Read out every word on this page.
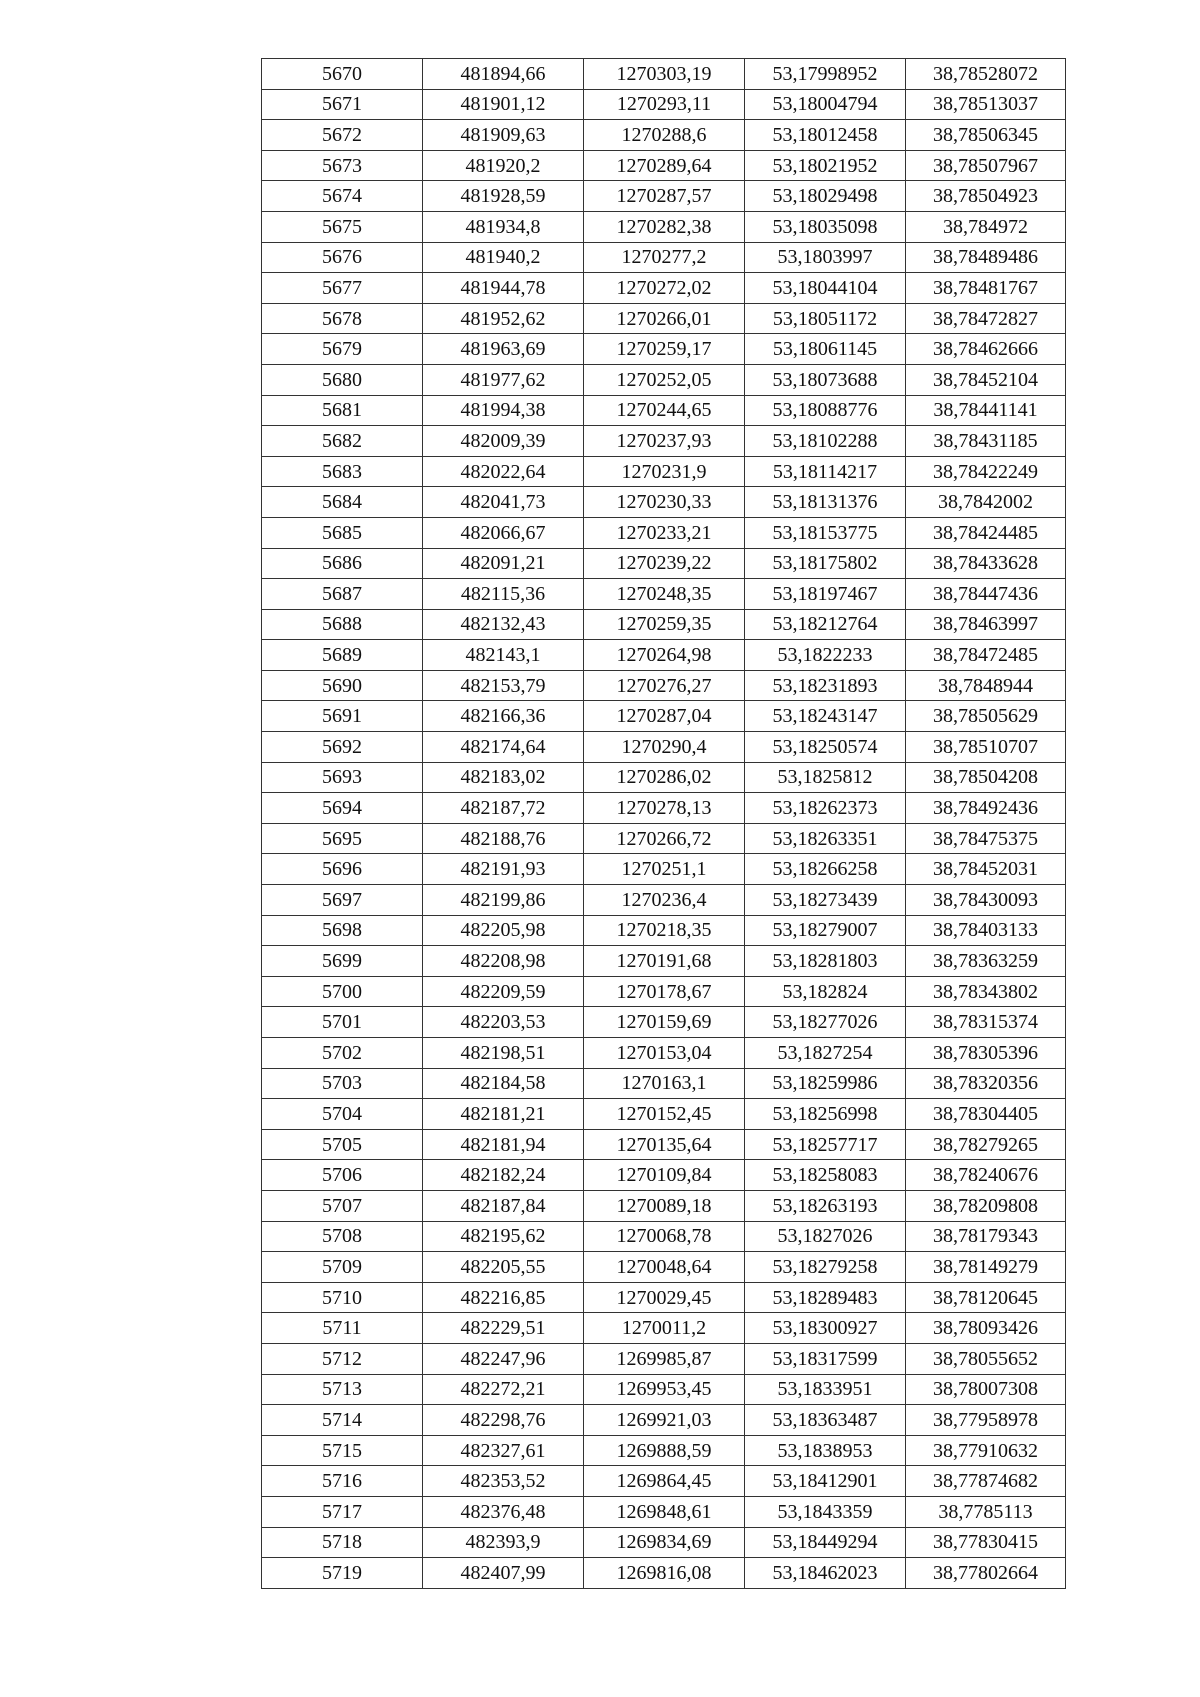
5670	481894,66	1270303,19	53,17998952	38,78528072
5671	481901,12	1270293,11	53,18004794	38,78513037
5672	481909,63	1270288,6	53,18012458	38,78506345
5673	481920,2	1270289,64	53,18021952	38,78507967
5674	481928,59	1270287,57	53,18029498	38,78504923
5675	481934,8	1270282,38	53,18035098	38,784972
5676	481940,2	1270277,2	53,1803997	38,78489486
5677	481944,78	1270272,02	53,18044104	38,78481767
5678	481952,62	1270266,01	53,18051172	38,78472827
5679	481963,69	1270259,17	53,18061145	38,78462666
5680	481977,62	1270252,05	53,18073688	38,78452104
5681	481994,38	1270244,65	53,18088776	38,78441141
5682	482009,39	1270237,93	53,18102288	38,78431185
5683	482022,64	1270231,9	53,18114217	38,78422249
5684	482041,73	1270230,33	53,18131376	38,7842002
5685	482066,67	1270233,21	53,18153775	38,78424485
5686	482091,21	1270239,22	53,18175802	38,78433628
5687	482115,36	1270248,35	53,18197467	38,78447436
5688	482132,43	1270259,35	53,18212764	38,78463997
5689	482143,1	1270264,98	53,1822233	38,78472485
5690	482153,79	1270276,27	53,18231893	38,7848944
5691	482166,36	1270287,04	53,18243147	38,78505629
5692	482174,64	1270290,4	53,18250574	38,78510707
5693	482183,02	1270286,02	53,1825812	38,78504208
5694	482187,72	1270278,13	53,18262373	38,78492436
5695	482188,76	1270266,72	53,18263351	38,78475375
5696	482191,93	1270251,1	53,18266258	38,78452031
5697	482199,86	1270236,4	53,18273439	38,78430093
5698	482205,98	1270218,35	53,18279007	38,78403133
5699	482208,98	1270191,68	53,18281803	38,78363259
5700	482209,59	1270178,67	53,182824	38,78343802
5701	482203,53	1270159,69	53,18277026	38,78315374
5702	482198,51	1270153,04	53,1827254	38,78305396
5703	482184,58	1270163,1	53,18259986	38,78320356
5704	482181,21	1270152,45	53,18256998	38,78304405
5705	482181,94	1270135,64	53,18257717	38,78279265
5706	482182,24	1270109,84	53,18258083	38,78240676
5707	482187,84	1270089,18	53,18263193	38,78209808
5708	482195,62	1270068,78	53,1827026	38,78179343
5709	482205,55	1270048,64	53,18279258	38,78149279
5710	482216,85	1270029,45	53,18289483	38,78120645
5711	482229,51	1270011,2	53,18300927	38,78093426
5712	482247,96	1269985,87	53,18317599	38,78055652
5713	482272,21	1269953,45	53,1833951	38,78007308
5714	482298,76	1269921,03	53,18363487	38,77958978
5715	482327,61	1269888,59	53,1838953	38,77910632
5716	482353,52	1269864,45	53,18412901	38,77874682
5717	482376,48	1269848,61	53,1843359	38,7785113
5718	482393,9	1269834,69	53,18449294	38,77830415
5719	482407,99	1269816,08	53,18462023	38,77802664
